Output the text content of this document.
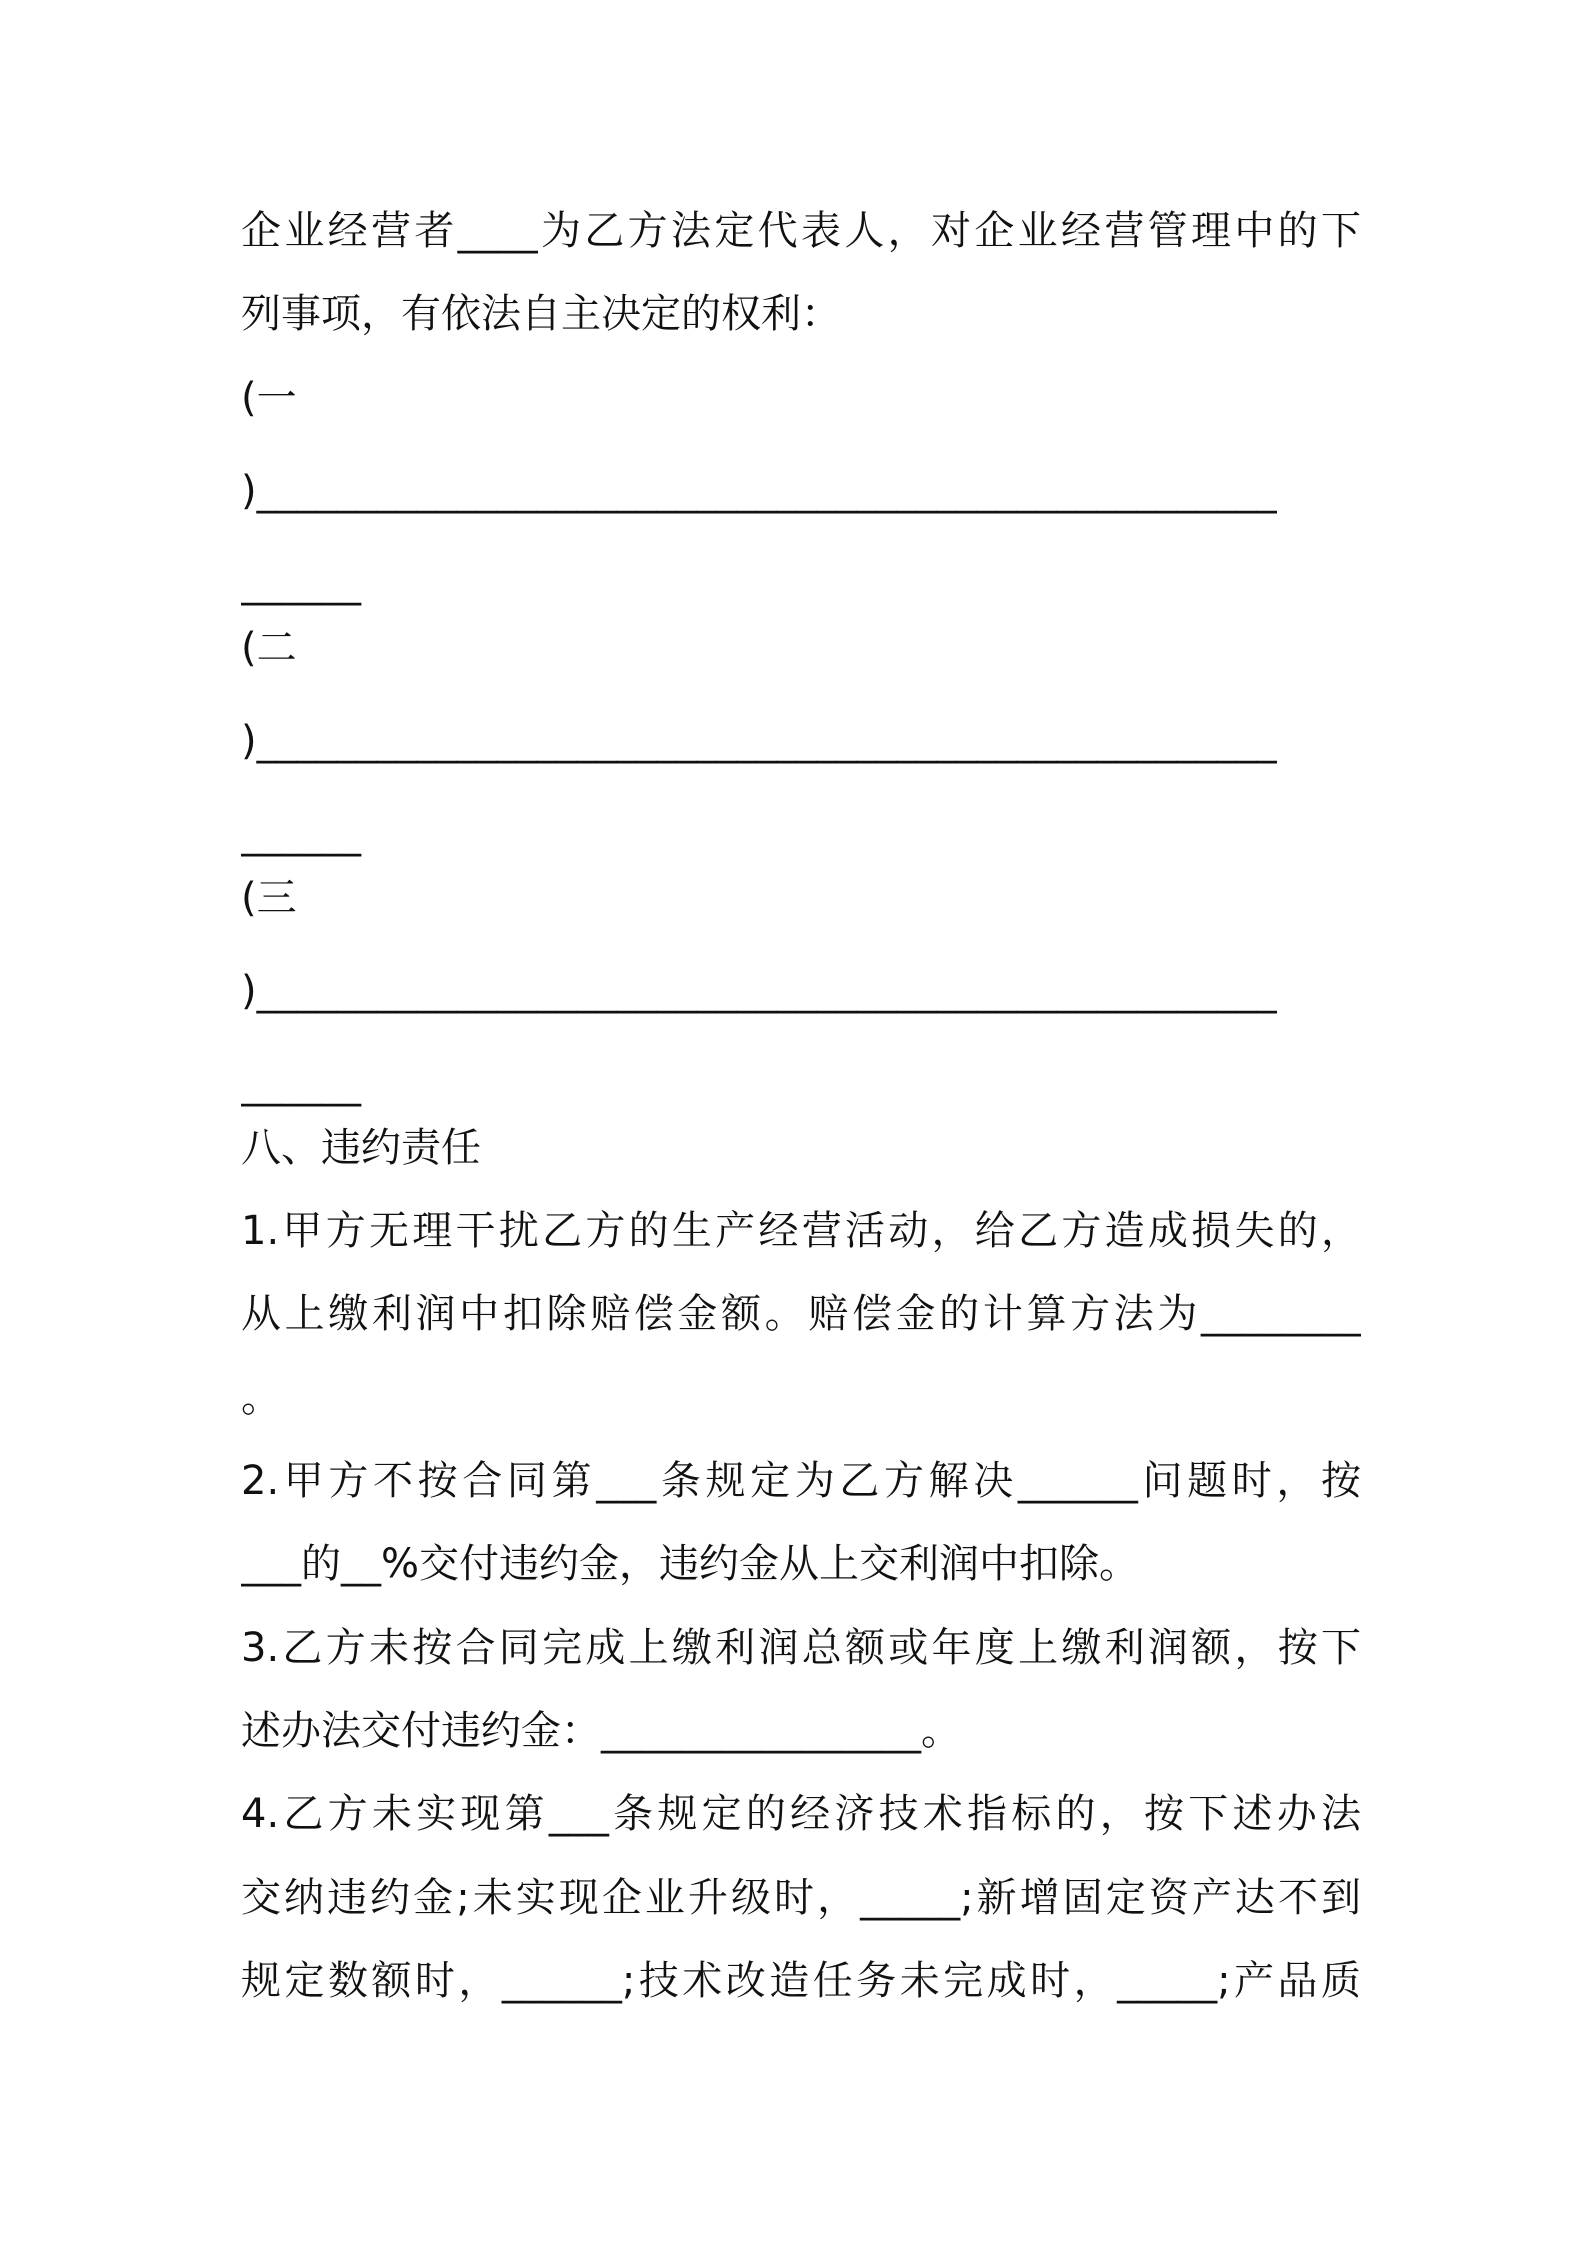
企业经营者____为乙方法定代表人，对企业经营管理中的下
列事项，有依法自主决定的权利：
(一
)___________________________________________________
______
(二
)___________________________________________________
______
(三
)___________________________________________________
______
八、违约责任
1.甲方无理干扰乙方的生产经营活动，给乙方造成损失的，
从上缴利润中扣除赔偿金额。赔偿金的计算方法为________
。
2.甲方不按合同第___条规定为乙方解决______问题时，按
___的__%交付违约金，违约金从上交利润中扣除。
3.乙方未按合同完成上缴利润总额或年度上缴利润额，按下
述办法交付违约金：________________。
4.乙方未实现第___条规定的经济技术指标的，按下述办法
交纳违约金;未实现企业升级时，_____;新增固定资产达不到
规定数额时，______;技术改造任务未完成时，_____;产品质
